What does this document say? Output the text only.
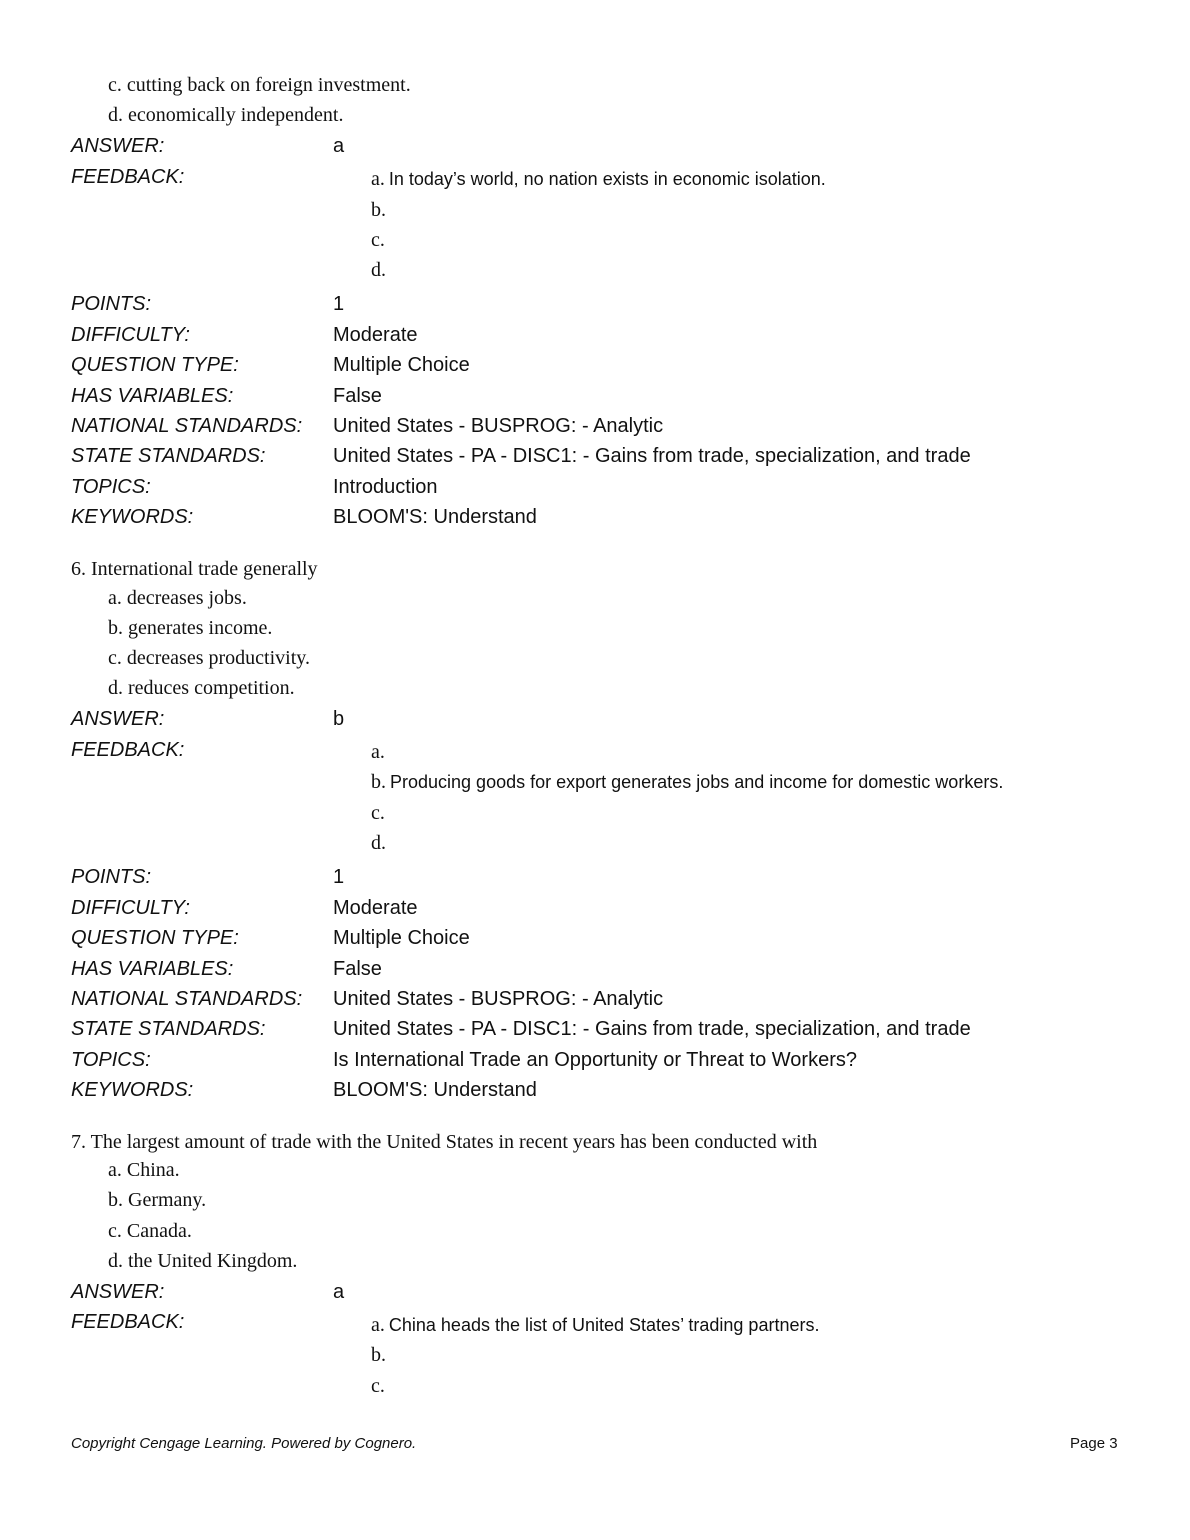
c. cutting back on foreign investment.
d. economically independent.
ANSWER:	a
FEEDBACK:	a. In today’s world, no nation exists in economic isolation.
b.
c.
d.
POINTS:	1
DIFFICULTY:	Moderate
QUESTION TYPE:	Multiple Choice
HAS VARIABLES:	False
NATIONAL STANDARDS: United States - BUSPROG: - Analytic
STATE STANDARDS:	United States - PA - DISC1: - Gains from trade, specialization, and trade
TOPICS:	Introduction
KEYWORDS:	BLOOM'S: Understand
6. International trade generally
a. decreases jobs.
b. generates income.
c. decreases productivity.
d. reduces competition.
ANSWER:	b
FEEDBACK:	a.
b. Producing goods for export generates jobs and income for domestic workers.
c.
d.
POINTS:	1
DIFFICULTY:	Moderate
QUESTION TYPE:	Multiple Choice
HAS VARIABLES:	False
NATIONAL STANDARDS: United States - BUSPROG: - Analytic
STATE STANDARDS:	United States - PA - DISC1: - Gains from trade, specialization, and trade
TOPICS:	Is International Trade an Opportunity or Threat to Workers?
KEYWORDS:	BLOOM'S: Understand
7. The largest amount of trade with the United States in recent years has been conducted with
a. China.
b. Germany.
c. Canada.
d. the United Kingdom.
ANSWER:	a
FEEDBACK:	a. China heads the list of United States’ trading partners.
b.
c.
Copyright Cengage Learning. Powered by Cognero.	Page 3
